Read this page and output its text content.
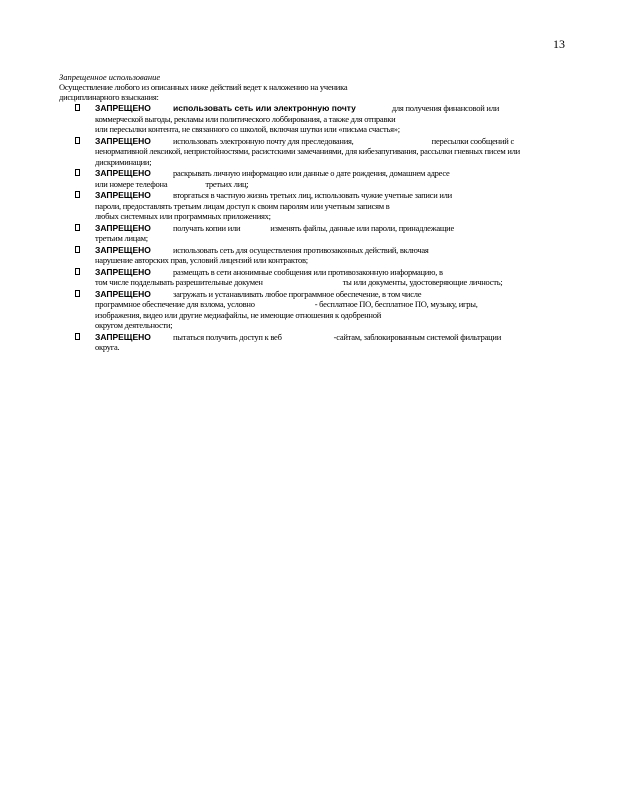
13
Запрещенное использование
Осуществление любого из описанных ниже действий ведет к наложению на ученика дисциплинарного взыскания:
ЗАПРЕЩЕНО	использовать сеть или электронную почту	для получения финансовой или
коммерческой выгоды, рекламы или политического лоббирования, а также для отправки или пересылки контента, не связанного со школой, включая шутки или «письма счастья»;
ЗАПРЕЩЕНО	использовать электронную почту для преследования,	пересылки сообщений с ненормативной лексикой, непристойностями, расистскими замечаниями, для кибезапугивания, рассылки гневных писем или дискриминации;
ЗАПРЕЩЕНО	раскрывать личную информацию или данные о дате рождения, домашнем адресе
или номере телефона	третьих лиц;
ЗАПРЕЩЕНО	вторгаться в частную жизнь третьих лиц, использовать чужие учетные записи или
пароли, предоставлять третьим лицам доступ к своим паролям или учетным записям в любых системных или программных приложениях;
ЗАПРЕЩЕНО	получать копии или	изменять файлы, данные или пароли, принадлежащие
третьим лицам;
ЗАПРЕЩЕНО	использовать сеть для осуществления противозаконных действий, включая
нарушение авторских прав, условий лицензий или контрактов;
ЗАПРЕЩЕНО	размещать в сети анонимные сообщения или противозаконную информацию, в
том числе подделывать разрешительные докумен	ты или документы, удостоверяющие личность;
ЗАПРЕЩЕНО	загружать и устанавливать любое программное обеспечение, в том числе
программное обеспечение для взлома, условно	- бесплатное ПО, бесплатное ПО, музыку, игры,
изображения, видео или другие медиафайлы, не имеющие отношения к одобренной округом деятельности;
ЗАПРЕЩЕНО	пытаться получить доступ к веб	-сайтам, заблокированным системой фильтрации
округа.
